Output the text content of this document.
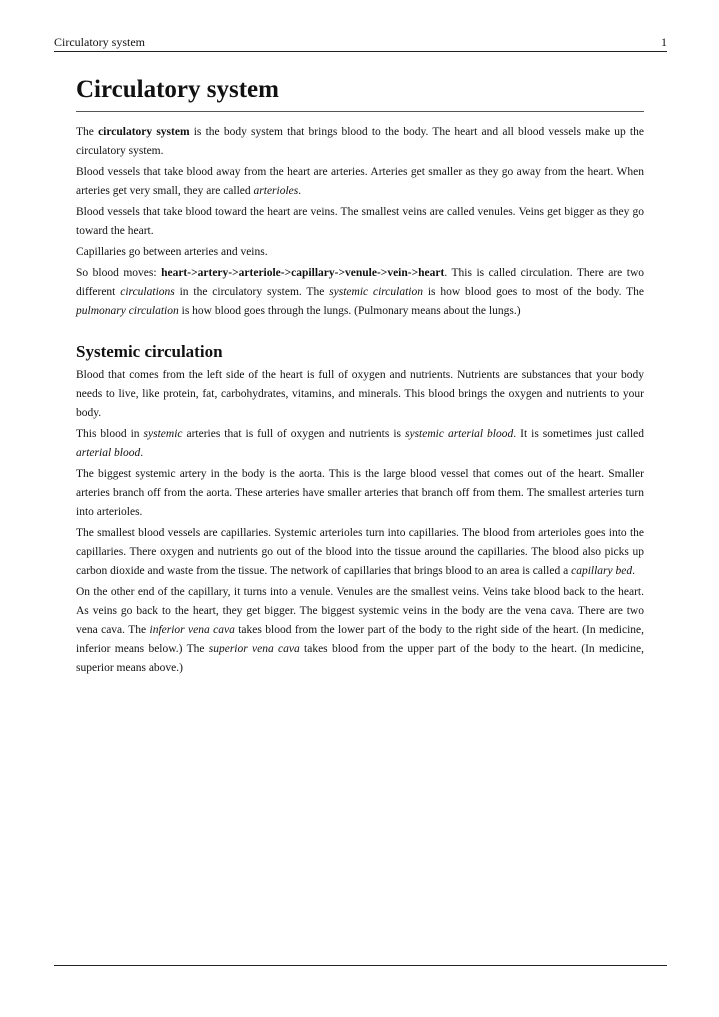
Circulatory system	1
Circulatory system

The circulatory system is the body system that brings blood to the body. The heart and all blood vessels make up the circulatory system.

Blood vessels that take blood away from the heart are arteries. Arteries get smaller as they go away from the heart. When arteries get very small, they are called arterioles.

Blood vessels that take blood toward the heart are veins. The smallest veins are called venules. Veins get bigger as they go toward the heart.

Capillaries go between arteries and veins.

So blood moves: heart->artery->arteriole->capillary->venule->vein->heart. This is called circulation. There are two different circulations in the circulatory system. The systemic circulation is how blood goes to most of the body. The pulmonary circulation is how blood goes through the lungs. (Pulmonary means about the lungs.)

Systemic circulation

Blood that comes from the left side of the heart is full of oxygen and nutrients. Nutrients are substances that your body needs to live, like protein, fat, carbohydrates, vitamins, and minerals. This blood brings the oxygen and nutrients to your body.

This blood in systemic arteries that is full of oxygen and nutrients is systemic arterial blood. It is sometimes just called arterial blood.

The biggest systemic artery in the body is the aorta. This is the large blood vessel that comes out of the heart. Smaller arteries branch off from the aorta. These arteries have smaller arteries that branch off from them. The smallest arteries turn into arterioles.

The smallest blood vessels are capillaries. Systemic arterioles turn into capillaries. The blood from arterioles goes into the capillaries. There oxygen and nutrients go out of the blood into the tissue around the capillaries. The blood also picks up carbon dioxide and waste from the tissue. The network of capillaries that brings blood to an area is called a capillary bed.

On the other end of the capillary, it turns into a venule. Venules are the smallest veins. Veins take blood back to the heart. As veins go back to the heart, they get bigger. The biggest systemic veins in the body are the vena cava. There are two vena cava. The inferior vena cava takes blood from the lower part of the body to the right side of the heart. (In medicine, inferior means below.) The superior vena cava takes blood from the upper part of the body to the heart. (In medicine, superior means above.)
